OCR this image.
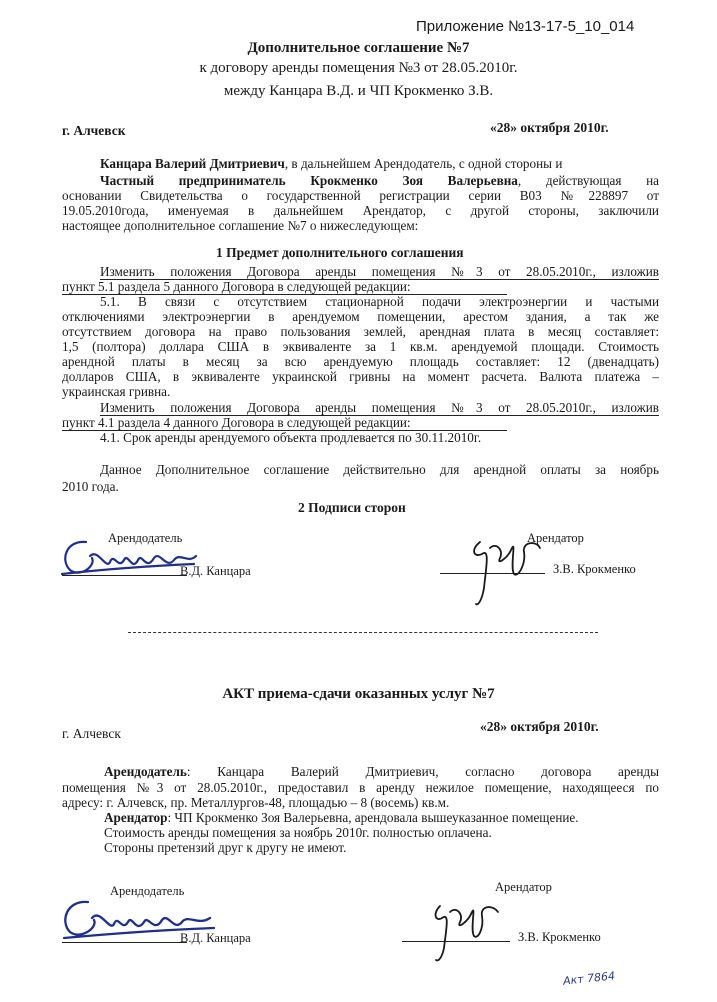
Приложение №13-17-5_10_014
Дополнительное соглашение №7
к договору аренды помещения №3 от 28.05.2010г.
между Канцара В.Д. и ЧП Крокменко З.В.
г. Алчевск	«28» октября 2010г.
Канцара Валерий Дмитриевич, в дальнейшем Арендодатель, с одной стороны и
Частный предприниматель Крокменко Зоя Валерьевна, действующая на
основании Свидетельства о государственной регистрации серии В03 №228897 от
19.05.2010года, именуемая в дальнейшем Арендатор, с другой стороны, заключили
настоящее дополнительное соглашение №7 о нижеследующем:
1 Предмет дополнительного соглашения
Изменить положения Договора аренды помещения №3 от 28.05.2010г., изложив
пункт 5.1 раздела 5 данного Договора в следующей редакции:
5.1. В связи с отсутствием стационарной подачи электроэнергии и частыми
отключениями электроэнергии в арендуемом помещении, арестом здания, а так же
отсутствием договора на право пользования землей, арендная плата в месяц составляет:
1,5 (полтора) доллара США в эквиваленте за 1 кв.м. арендуемой площади. Стоимость
арендной платы в месяц за всю арендуемую площадь составляет: 12 (двенадцать)
долларов США, в эквиваленте украинской гривны на момент расчета. Валюта платежа –
украинская гривна.
Изменить положения Договора аренды помещения №3 от 28.05.2010г., изложив
пункт 4.1 раздела 4 данного Договора в следующей редакции:
4.1. Срок аренды арендуемого объекта продлевается по 30.11.2010г.
Данное Дополнительное соглашение действительно для арендной оплаты за ноябрь
2010 года.
2 Подписи сторон
Арендодатель
В.Д. Канцара
Арендатор
З.В. Крокменко
АКТ приема-сдачи оказанных услуг №7
г. Алчевск	«28» октября 2010г.
Арендодатель: Канцара Валерий Дмитриевич, согласно договора аренды
помещения №3 от 28.05.2010г., предоставил в аренду нежилое помещение, находящееся по
адресу: г. Алчевск, пр. Металлургов-48, площадью – 8 (восемь) кв.м.
Арендатор: ЧП Крокменко Зоя Валерьевна, арендовала вышеуказанное помещение.
Стоимость аренды помещения за ноябрь 2010г. полностью оплачена.
Стороны претензий друг к другу не имеют.
Арендодатель
В.Д. Канцара
Арендатор
З.В. Крокменко
Акт 7864
